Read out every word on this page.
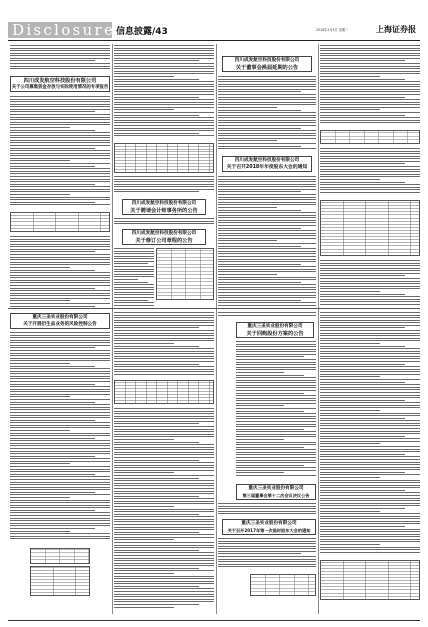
Disclosure 信息披露/43	2018年4月3日 星期二	上海证券报
四川成发航空科技股份有限公司
关于公司募集资金存放与实际使用情况的专项报告
四川成发航空科技股份有限公司
关于聘请会计师事务所的公告
四川成发航空科技股份有限公司
关于修订公司章程的公告
四川成发航空科技股份有限公司
关于董事会换届延期的公告
四川成发航空科技股份有限公司
关于召开2018年年度股东大会的通知
重庆三圣实业股份有限公司
关于开展衍生品业务的风险控制公告	重庆三圣实业股份有限公司
关于回购股份方案的公告
重庆三圣实业股份有限公司
第三届董事会第十二次会议决议公告
重庆三圣实业股份有限公司
关于召开2017年第一次临时股东大会的通知
